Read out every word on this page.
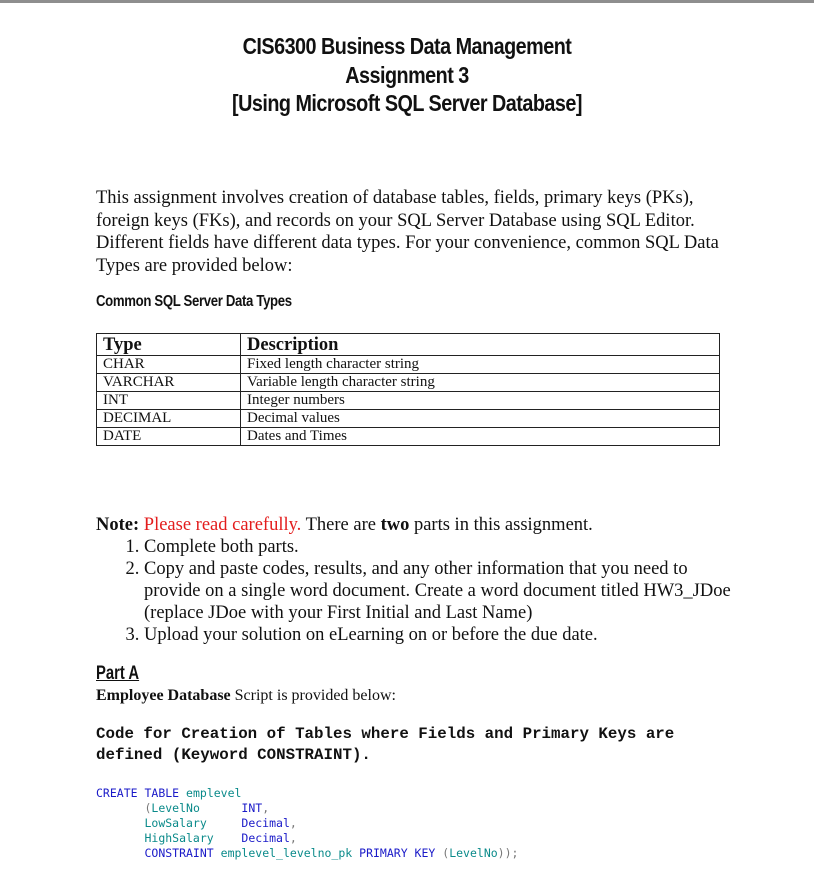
CIS6300 Business Data Management
Assignment 3
[Using Microsoft SQL Server Database]

This assignment involves creation of database tables, fields, primary keys (PKs), foreign keys (FKs), and records on your SQL Server Database using SQL Editor. Different fields have different data types. For your convenience, common SQL Data Types are provided below:

Common SQL Server Data Types
Type	Description
CHAR	Fixed length character string
VARCHAR	Variable length character string
INT	Integer numbers
DECIMAL	Decimal values
DATE	Dates and Times
Note: Please read carefully. There are two parts in this assignment.
1. Complete both parts.
2. Copy and paste codes, results, and any other information that you need to provide on a single word document. Create a word document titled HW3_JDoe (replace JDoe with your First Initial and Last Name)
3. Upload your solution on eLearning on or before the due date.
Part A
Employee Database Script is provided below:
Code for Creation of Tables where Fields and Primary Keys are defined (Keyword CONSTRAINT).
CREATE TABLE emplevel
(LevelNo	INT,
LowSalary	Decimal,
HighSalary Decimal,
CONSTRAINT emplevel_levelno_pk PRIMARY KEY (LevelNo));
